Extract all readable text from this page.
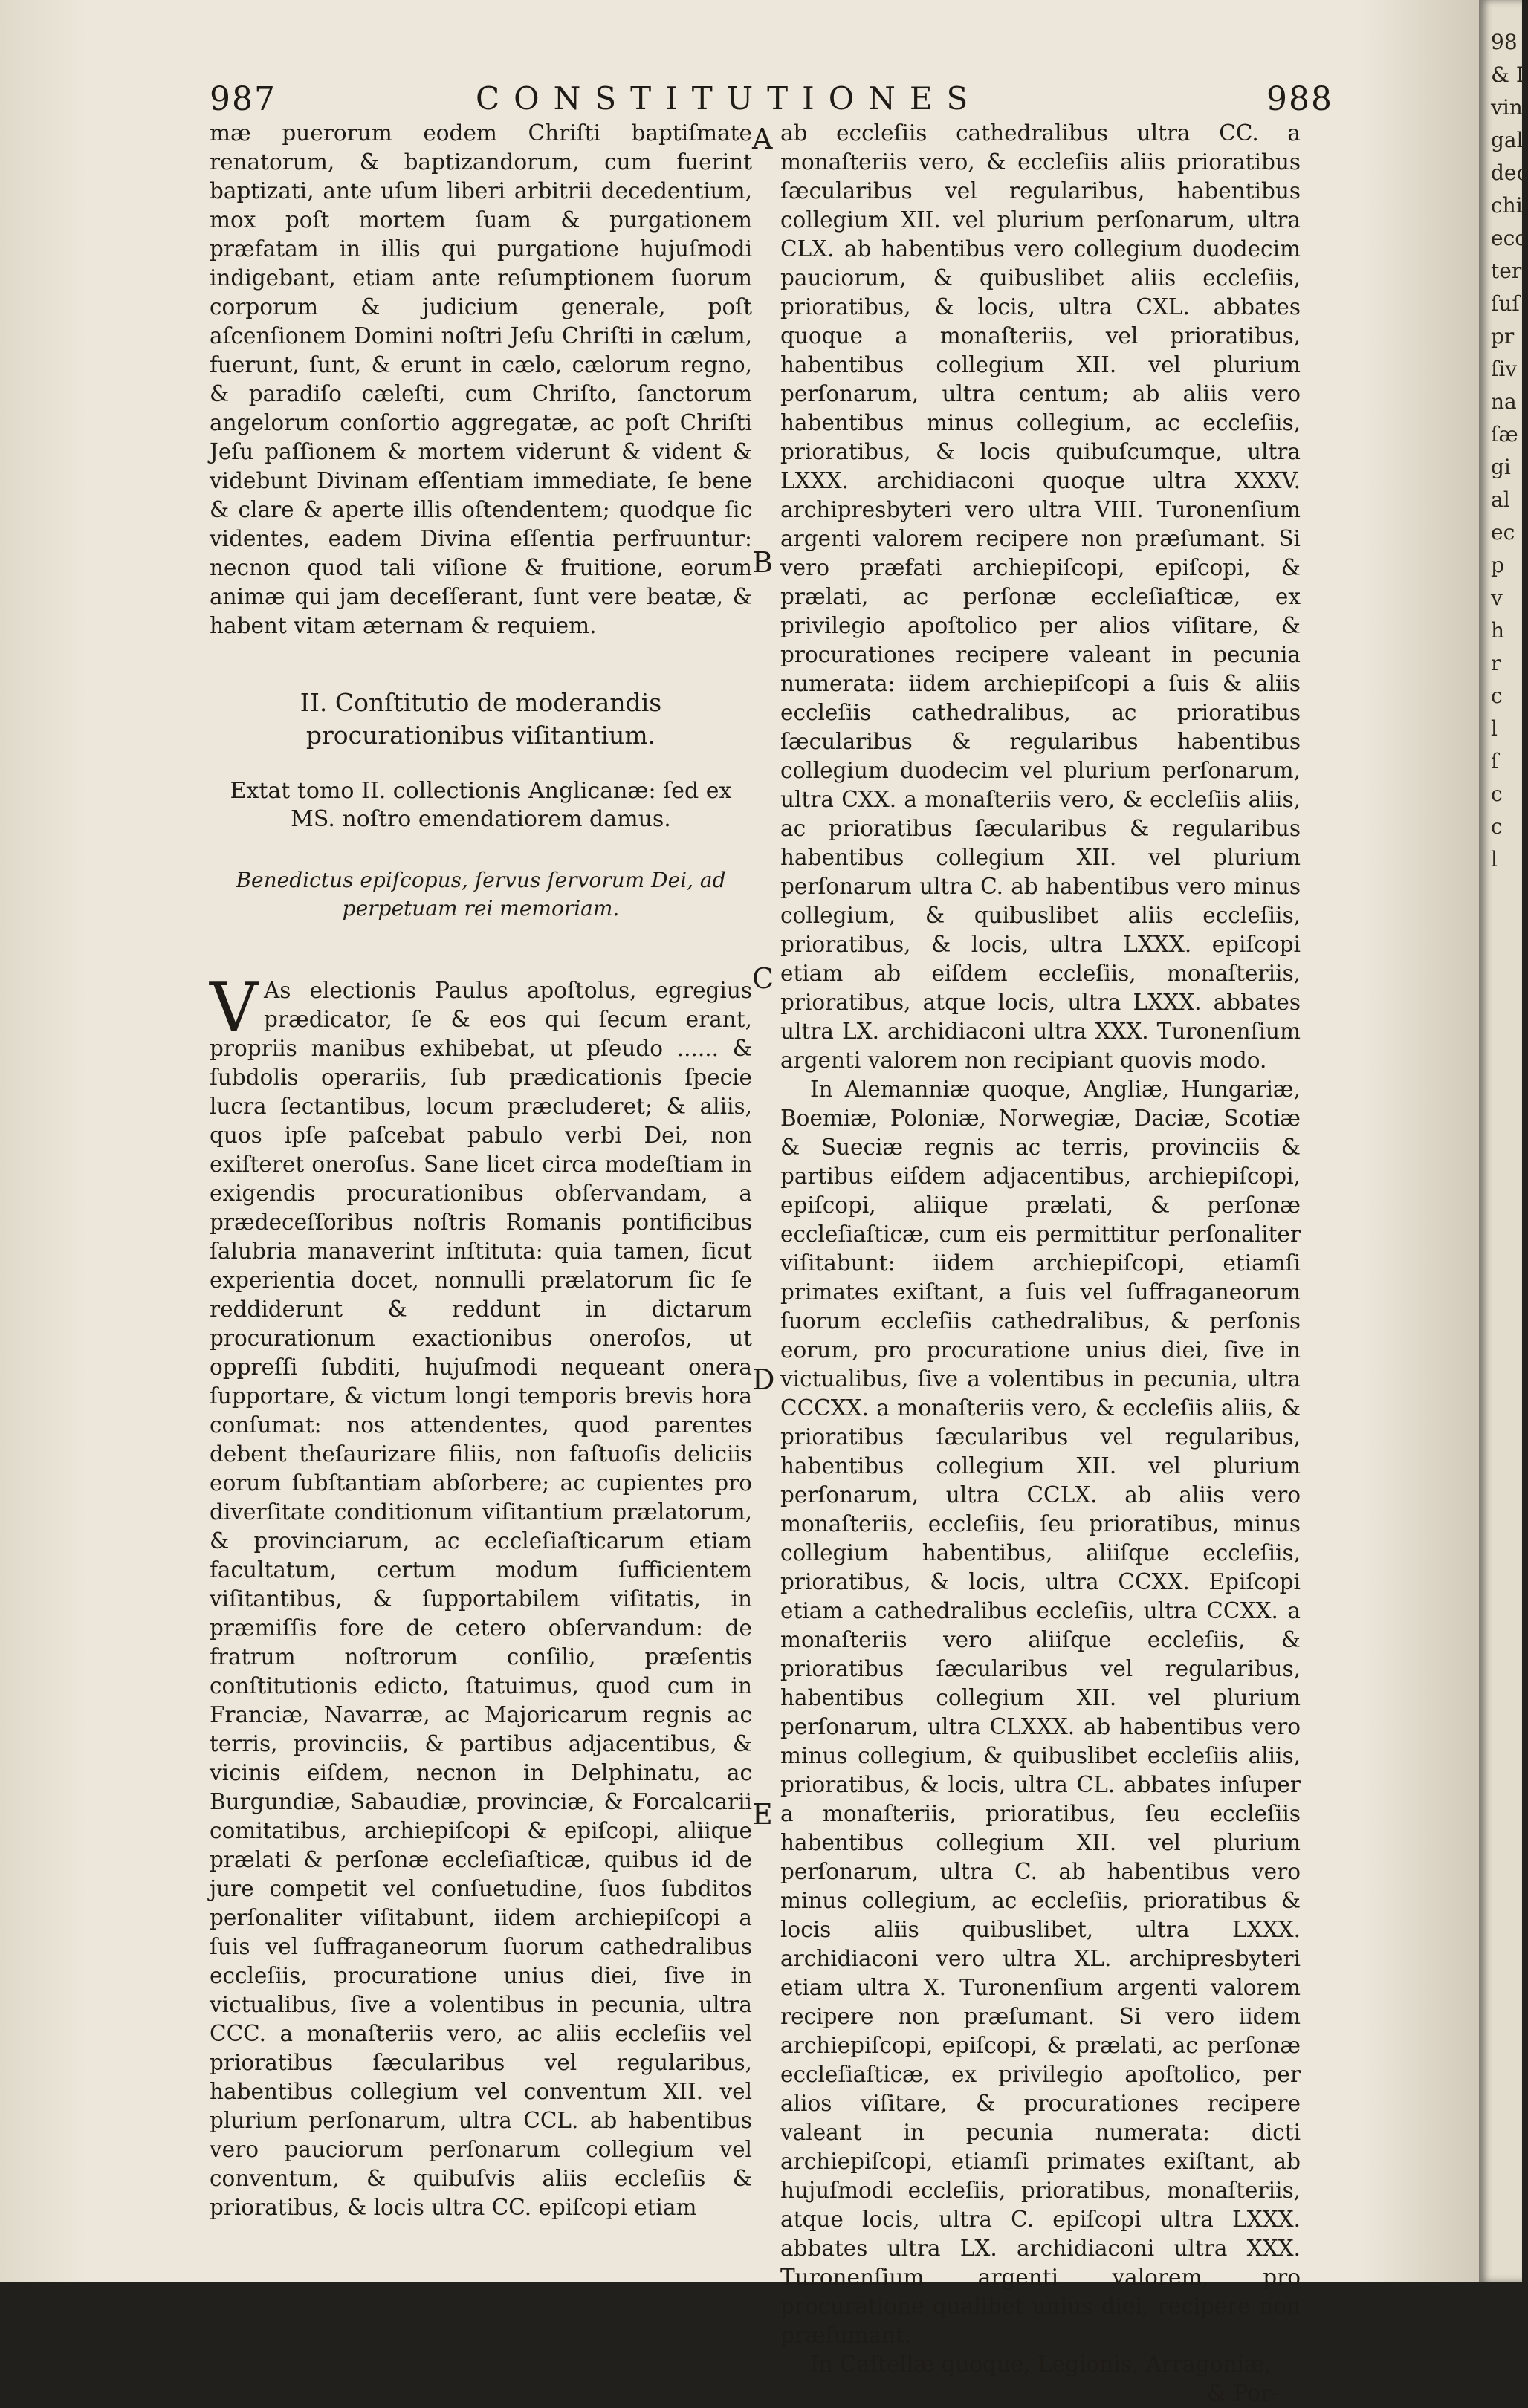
987	CONSTITUTIONES	988
A
B
C
D
E

mæ puerorum eodem Chriſti baptiſmate renatorum, & baptizandorum, cum fuerint baptizati, ante uſum liberi arbitrii decedentium, mox poſt mortem ſuam & purgationem præfatam in illis qui purgatione hujuſmodi indigebant, etiam ante reſumptionem ſuorum corporum & judicium generale, poſt aſcenſionem Domini noſtri Jeſu Chriſti in cælum, fuerunt, ſunt, & erunt in cælo, cælorum regno, & paradiſo cæleſti, cum Chriſto, ſanctorum angelorum conſortio aggregatæ, ac poſt Chriſti Jeſu paſſionem & mortem viderunt & vident & videbunt Divinam eſſentiam immediate, ſe bene & clare & aperte illis oſtendentem; quodque ſic videntes, eadem Divina eſſentia perfruuntur: necnon quod tali viſione & fruitione, eorum animæ qui jam deceſſerant, ſunt vere beatæ, & habent vitam æternam & requiem.

II. Conſtitutio de moderandis procurationibus viſitantium.
Extat tomo II. collectionis Anglicanæ: ſed ex MS. noſtro emendatiorem damus.
Benedictus epiſcopus, ſervus ſervorum Dei, ad perpetuam rei memoriam.

V As electionis Paulus apoſtolus, egregius prædicator, ſe & eos qui ſecum erant, propriis manibus exhibebat, ut pſeudo ...... & ſubdolis operariis, ſub prædicationis ſpecie lucra ſectantibus, locum præcluderet; & aliis, quos ipſe paſcebat pabulo verbi Dei, non exiſteret oneroſus. Sane licet circa modeſtiam in exigendis procurationibus obſervandam, a prædeceſſoribus noſtris Romanis pontificibus ſalubria manaverint inſtituta: quia tamen, ſicut experientia docet, nonnulli prælatorum ſic ſe reddiderunt & reddunt in dictarum procurationum exactionibus oneroſos, ut oppreſſi ſubditi, hujuſmodi nequeant onera ſupportare, & victum longi temporis brevis hora conſumat: nos attendentes, quod parentes debent theſaurizare filiis, non faſtuoſis deliciis eorum ſubſtantiam abſorbere; ac cupientes pro diverſitate conditionum viſitantium prælatorum, & provinciarum, ac eccleſiaſticarum etiam facultatum, certum modum ſufficientem viſitantibus, & ſupportabilem viſitatis, in præmiſſis fore de cetero obſervandum: de fratrum noſtrorum conſilio, præſentis conſtitutionis edicto, ſtatuimus, quod cum in Franciæ, Navarræ, ac Majoricarum regnis ac terris, provinciis, & partibus adjacentibus, & vicinis eiſdem, necnon in Delphinatu, ac Burgundiæ, Sabaudiæ, provinciæ, & Forcalcarii comitatibus, archiepiſcopi & epiſcopi, aliique prælati & perſonæ eccleſiaſticæ, quibus id de jure competit vel conſuetudine, ſuos ſubditos perſonaliter viſitabunt, iidem archiepiſcopi a ſuis vel ſuffraganeorum ſuorum cathedralibus eccleſiis, procuratione unius diei, ſive in victualibus, ſive a volentibus in pecunia, ultra CCC. a monaſteriis vero, ac aliis eccleſiis vel prioratibus ſæcularibus vel regularibus, habentibus collegium vel conventum XII. vel plurium perſonarum, ultra CCL. ab habentibus vero pauciorum perſonarum collegium vel conventum, & quibuſvis aliis eccleſiis & prioratibus, & locis ultra CC. epiſcopi etiam

ab eccleſiis cathedralibus ultra CC. a monaſteriis vero, & eccleſiis aliis prioratibus ſæcularibus vel regularibus, habentibus collegium XII. vel plurium perſonarum, ultra CLX. ab habentibus vero collegium duodecim pauciorum, & quibuslibet aliis eccleſiis, prioratibus, & locis, ultra CXL. abbates quoque a monaſteriis, vel prioratibus, habentibus collegium XII. vel plurium perſonarum, ultra centum; ab aliis vero habentibus minus collegium, ac eccleſiis, prioratibus, & locis quibuſcumque, ultra LXXX. archidiaconi quoque ultra XXXV. archipresbyteri vero ultra VIII. Turonenſium argenti valorem recipere non præſumant. Si vero præfati archiepiſcopi, epiſcopi, & prælati, ac perſonæ eccleſiaſticæ, ex privilegio apoſtolico per alios viſitare, & procurationes recipere valeant in pecunia numerata: iidem archiepiſcopi a ſuis & aliis eccleſiis cathedralibus, ac prioratibus ſæcularibus & regularibus habentibus collegium duodecim vel plurium perſonarum, ultra CXX. a monaſteriis vero, & eccleſiis aliis, ac prioratibus ſæcularibus & regularibus habentibus collegium XII. vel plurium perſonarum ultra C. ab habentibus vero minus collegium, & quibuslibet aliis eccleſiis, prioratibus, & locis, ultra LXXX. epiſcopi etiam ab eiſdem eccleſiis, monaſteriis, prioratibus, atque locis, ultra LXXX. abbates ultra LX. archidiaconi ultra XXX. Turonenſium argenti valorem non recipiant quovis modo.

In Alemanniæ quoque, Angliæ, Hungariæ, Boemiæ, Poloniæ, Norwegiæ, Daciæ, Scotiæ & Sueciæ regnis ac terris, provinciis & partibus eiſdem adjacentibus, archiepiſcopi, epiſcopi, aliique prælati, & perſonæ eccleſiaſticæ, cum eis permittitur perſonaliter viſitabunt: iidem archiepiſcopi, etiamſi primates exiſtant, a ſuis vel ſuffraganeorum ſuorum eccleſiis cathedralibus, & perſonis eorum, pro procuratione unius diei, ſive in victualibus, ſive a volentibus in pecunia, ultra CCCXX. a monaſteriis vero, & eccleſiis aliis, & prioratibus ſæcularibus vel regularibus, habentibus collegium XII. vel plurium perſonarum, ultra CCLX. ab aliis vero monaſteriis, eccleſiis, ſeu prioratibus, minus collegium habentibus, aliiſque eccleſiis, prioratibus, & locis, ultra CCXX. Epiſcopi etiam a cathedralibus eccleſiis, ultra CCXX. a monaſteriis vero aliiſque eccleſiis, & prioratibus ſæcularibus vel regularibus, habentibus collegium XII. vel plurium perſonarum, ultra CLXXX. ab habentibus vero minus collegium, & quibuslibet eccleſiis aliis, prioratibus, & locis, ultra CL. abbates inſuper a monaſteriis, prioratibus, ſeu eccleſiis habentibus collegium XII. vel plurium perſonarum, ultra C. ab habentibus vero minus collegium, ac eccleſiis, prioratibus & locis aliis quibuslibet, ultra LXXX. archidiaconi vero ultra XL. archipresbyteri etiam ultra X. Turonenſium argenti valorem recipere non præſumant. Si vero iidem archiepiſcopi, epiſcopi, & prælati, ac perſonæ eccleſiaſticæ, ex privilegio apoſtolico, per alios viſitare, & procurationes recipere valeant in pecunia numerata: dicti archiepiſcopi, etiamſi primates exiſtant, ab hujuſmodi eccleſiis, prioratibus, monaſteriis, atque locis, ultra C. epiſcopi ultra LXXX. abbates ultra LX. archidiaconi ultra XXX. Turonenſium argenti valorem, pro procuratione qualibet unius diei, recipere non præſumant.

In Caſtellæ quoque, Legionis, Arragoniæ,

& Por-

98
& I
vin
gal
dec
chi
ecc
ter
ſuſ
pr
ſiv
na
ſæ
gi
al
ec
p
v
h
r
c
l
ſ
c
c
l
